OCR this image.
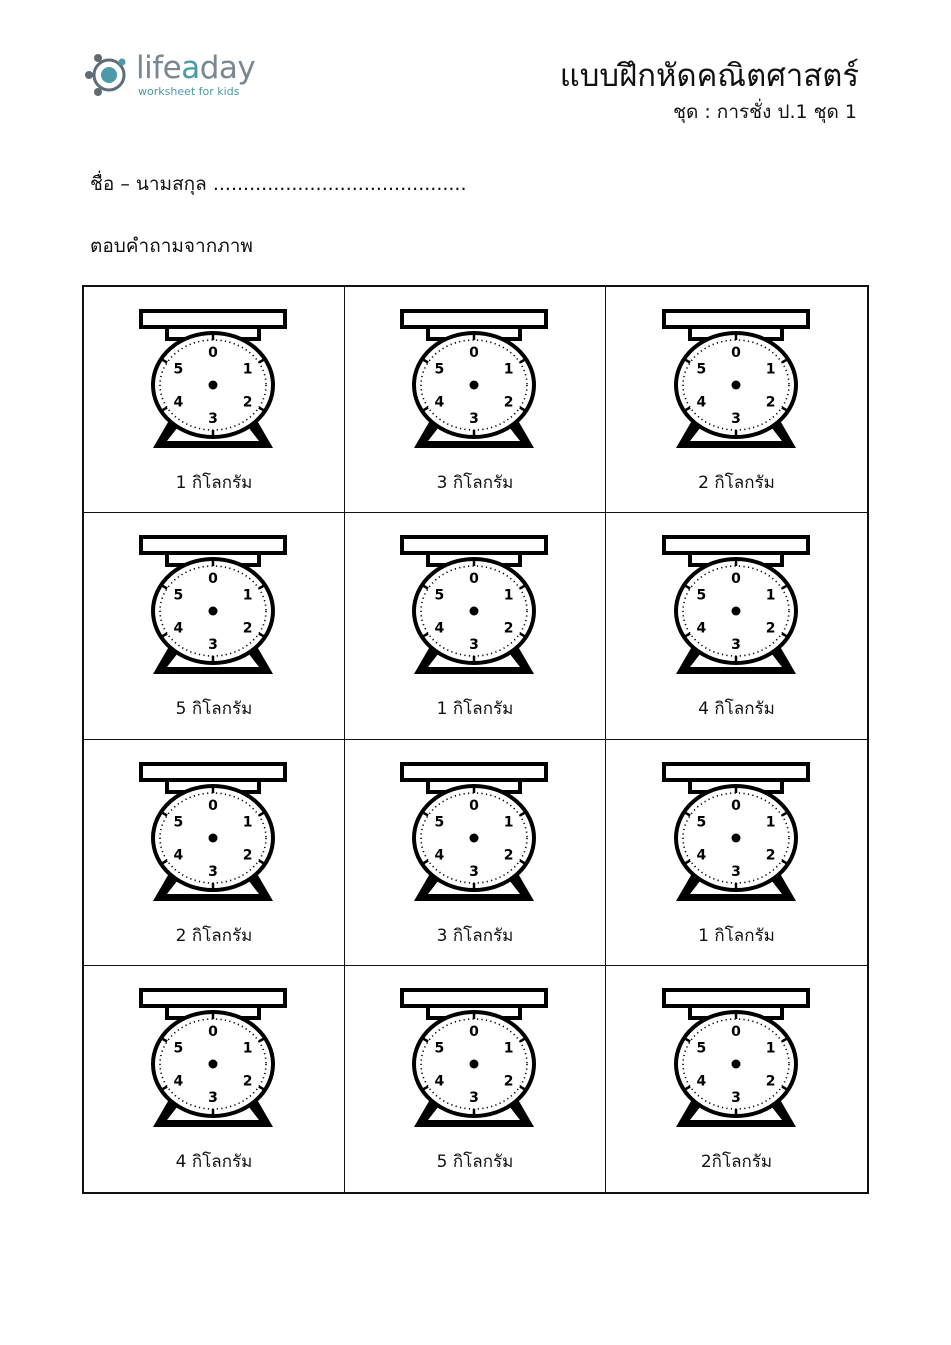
lifeaday
worksheet for kids	แบบฝึกหัดคณิตศาสตร์
ชุด : การชั่ง ป.1 ชุด 1
ชื่อ – นามสกุล ..........................................
ตอบคำถามจากภาพ
0
1
2
3
4
5
1 กิโลกรัม
0
1
2
3
4
5
3 กิโลกรัม
0
1
2
3
4
5
2 กิโลกรัม
0
1
2
3
4
5
5 กิโลกรัม
0
1
2
3
4
5
1 กิโลกรัม
0
1
2
3
4
5
4 กิโลกรัม
0
1
2
3
4
5
2 กิโลกรัม
0
1
2
3
4
5
3 กิโลกรัม
0
1
2
3
4
5
1 กิโลกรัม
0
1
2
3
4
5
4 กิโลกรัม
0
1
2
3
4
5
5 กิโลกรัม
0
1
2
3
4
5
2กิโลกรัม
